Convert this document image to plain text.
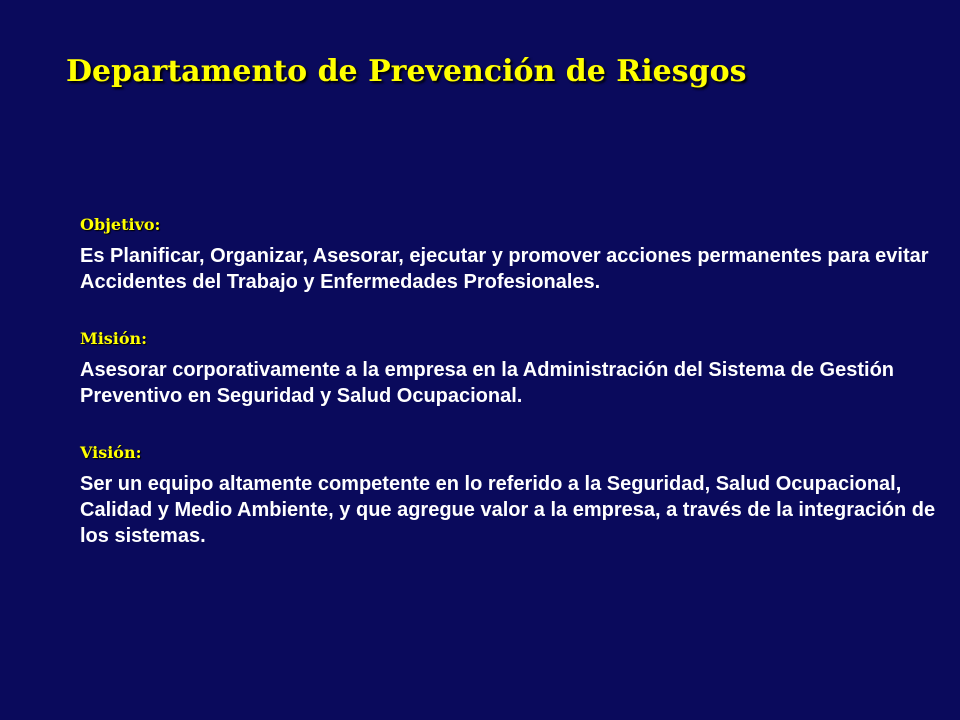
Departamento de Prevención de Riesgos
Objetivo:

Es Planificar, Organizar, Asesorar, ejecutar y promover acciones permanentes para evitar Accidentes del Trabajo y Enfermedades Profesionales.

Misión:

Asesorar corporativamente a la empresa en la Administración del Sistema de Gestión Preventivo en Seguridad y Salud Ocupacional.

Visión:

Ser un equipo altamente competente en lo referido a la Seguridad, Salud Ocupacional, Calidad y Medio Ambiente, y que agregue valor a la empresa, a través de la integración de los sistemas.
